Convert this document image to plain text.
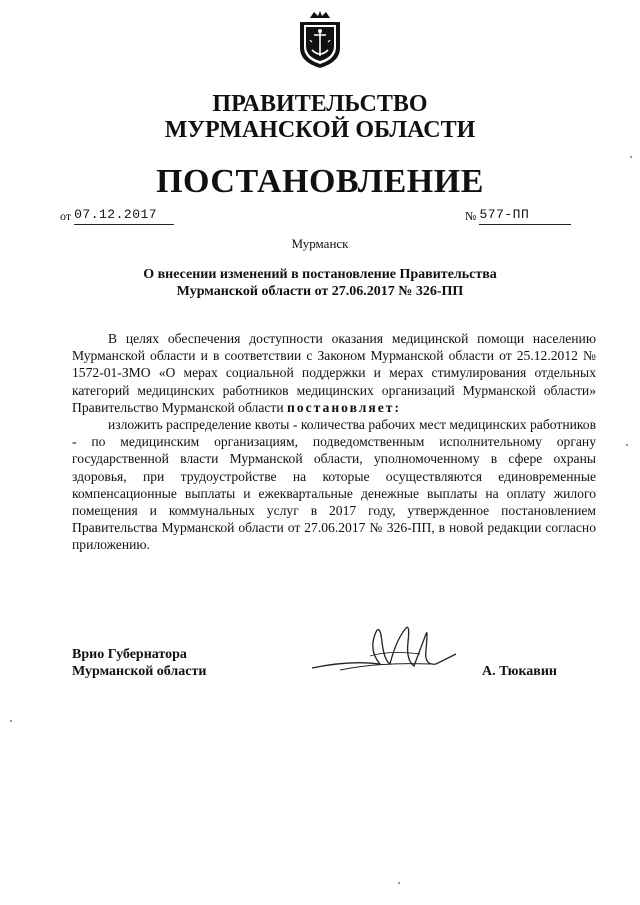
ПРАВИТЕЛЬСТВО
МУРМАНСКОЙ ОБЛАСТИ
ПОСТАНОВЛЕНИЕ
от 07.12.2017	№ 577-ПП
Мурманск
О внесении изменений в постановление Правительства
Мурманской области от 27.06.2017 № 326-ПП

В целях обеспечения доступности оказания медицинской помощи населению Мурманской области и в соответствии с Законом Мурманской области от 25.12.2012 № 1572-01-ЗМО «О мерах социальной поддержки и мерах стимулирования отдельных категорий медицинских работников медицинских организаций Мурманской области» Правительство Мурманской области постановляет:

изложить распределение квоты - количества рабочих мест медицинских работников - по медицинским организациям, подведомственным исполнительному органу государственной власти Мурманской области, уполномоченному в сфере охраны здоровья, при трудоустройстве на которые осуществляются единовременные компенсационные выплаты и ежеквартальные денежные выплаты на оплату жилого помещения и коммунальных услуг в 2017 году, утвержденное постановлением Правительства Мурманской области от 27.06.2017 № 326-ПП, в новой редакции согласно приложению.

Врио Губернатора
Мурманской области	А. Тюкавин
